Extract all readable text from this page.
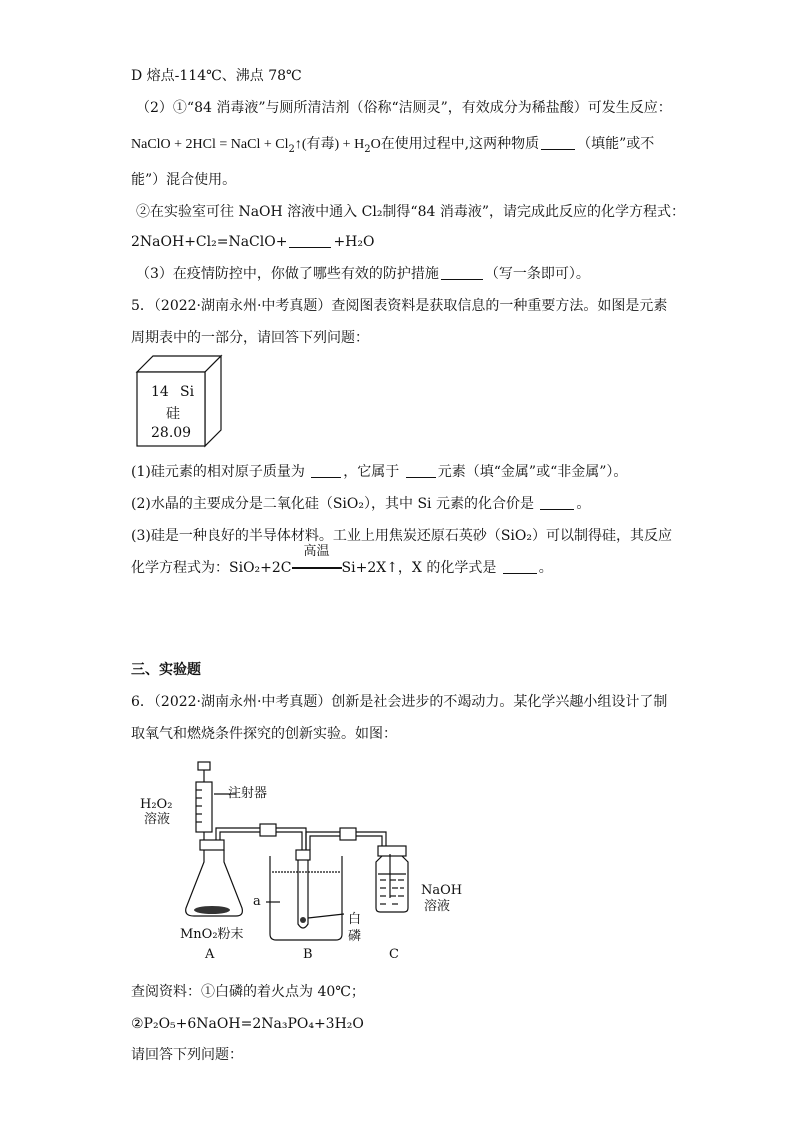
D 熔点-114℃、沸点 78℃
（2）①“84 消毒液”与厕所清洁剂（俗称“洁厕灵”，有效成分为稀盐酸）可发生反应：
NaClO + 2HCl = NaCl + $Cl_2↑$(有毒) + $H_2O$在使用过程中,这两种物质	（填能”或不
能”）混合使用。
②在实验室可往 NaOH 溶液中通入 Cl₂制得“84 消毒液”，请完成此反应的化学方程式：
2NaOH+Cl₂=NaClO+	+H₂O
（3）在疫情防控中，你做了哪些有效的防护措施	（写一条即可）。
5．（2022·湖南永州·中考真题）查阅图表资料是获取信息的一种重要方法。如图是元素
周期表中的一部分，请回答下列问题：
14 Si
硅
28.09
(1)硅元素的相对原子质量为	，它属于	元素（填“金属”或“非金属”）。
(2)水晶的主要成分是二氧化硅（SiO₂），其中 Si 元素的化合价是	。
(3)硅是一种良好的半导体材料。工业上用焦炭还原石英砂（SiO₂）可以制得硅，其反应
化学方程式为：SiO₂+2C
高温
Si+2X↑，X 的化学式是	。
三、实验题
6．（2022·湖南永州·中考真题）创新是社会进步的不竭动力。某化学兴趣小组设计了制
取氧气和燃烧条件探究的创新实验。如图：
H₂O₂
溶液
注射器
NaOH
溶液
MnO₂粉末
a
白
磷
A	B	C
查阅资料：①白磷的着火点为 40℃；
②P₂O₅+6NaOH=2Na₃PO₄+3H₂O
请回答下列问题：
